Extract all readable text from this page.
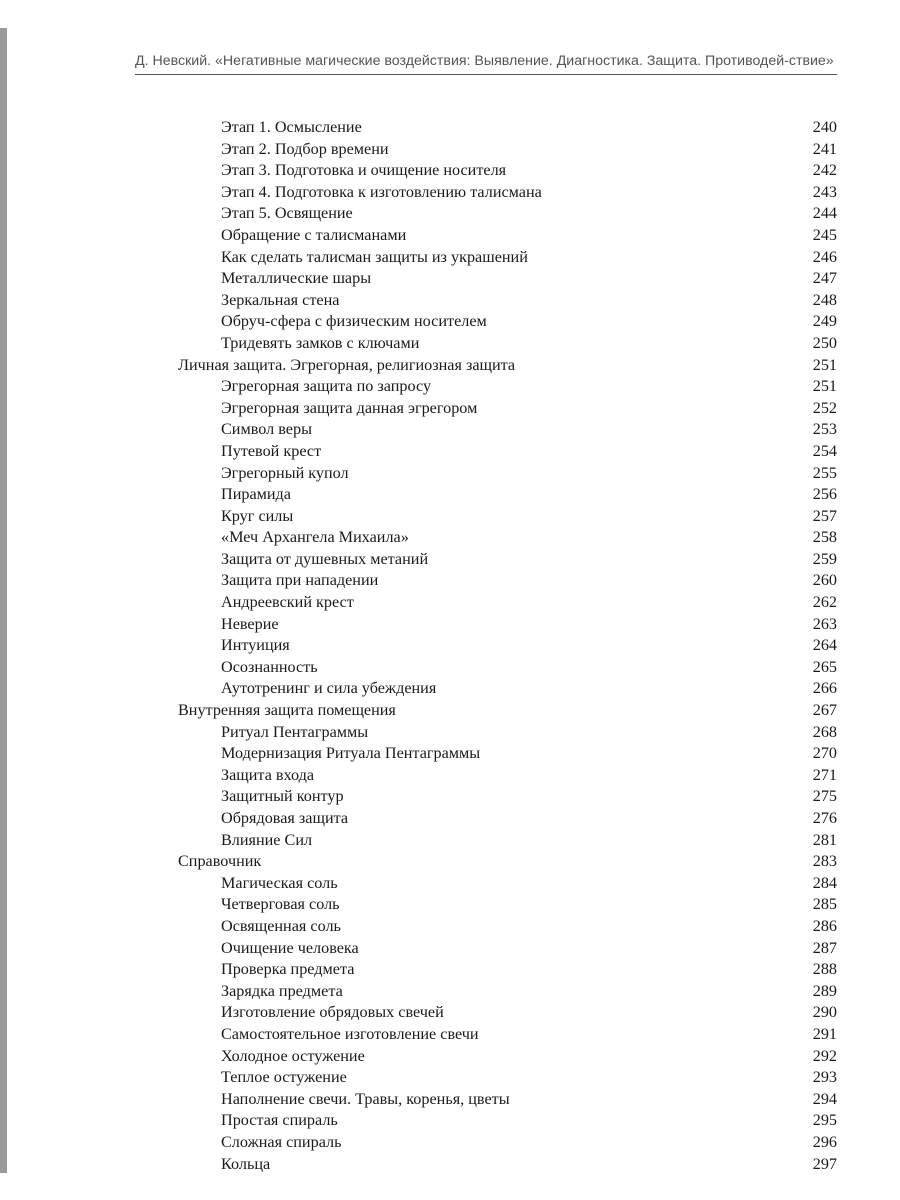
Д. Невский. «Негативные магические воздействия: Выявление. Диагностика. Защита. Противодей-ствие»
Этап 1. Осмысление	240
Этап 2. Подбор времени	241
Этап 3. Подготовка и очищение носителя	242
Этап 4. Подготовка к изготовлению талисмана	243
Этап 5. Освящение	244
Обращение с талисманами	245
Как сделать талисман защиты из украшений	246
Металлические шары	247
Зеркальная стена	248
Обруч-сфера с физическим носителем	249
Тридевять замков с ключами	250
Личная защита. Эгрегорная, религиозная защита	251
Эгрегорная защита по запросу	251
Эгрегорная защита данная эгрегором	252
Символ веры	253
Путевой крест	254
Эгрегорный купол	255
Пирамида	256
Круг силы	257
«Меч Архангела Михаила»	258
Защита от душевных метаний	259
Защита при нападении	260
Андреевский крест	262
Неверие	263
Интуиция	264
Осознанность	265
Аутотренинг и сила убеждения	266
Внутренняя защита помещения	267
Ритуал Пентаграммы	268
Модернизация Ритуала Пентаграммы	270
Защита входа	271
Защитный контур	275
Обрядовая защита	276
Влияние Сил	281
Справочник	283
Магическая соль	284
Четверговая соль	285
Освященная соль	286
Очищение человека	287
Проверка предмета	288
Зарядка предмета	289
Изготовление обрядовых свечей	290
Самостоятельное изготовление свечи	291
Холодное остужение	292
Теплое остужение	293
Наполнение свечи. Травы, коренья, цветы	294
Простая спираль	295
Сложная спираль	296
Кольца	297
